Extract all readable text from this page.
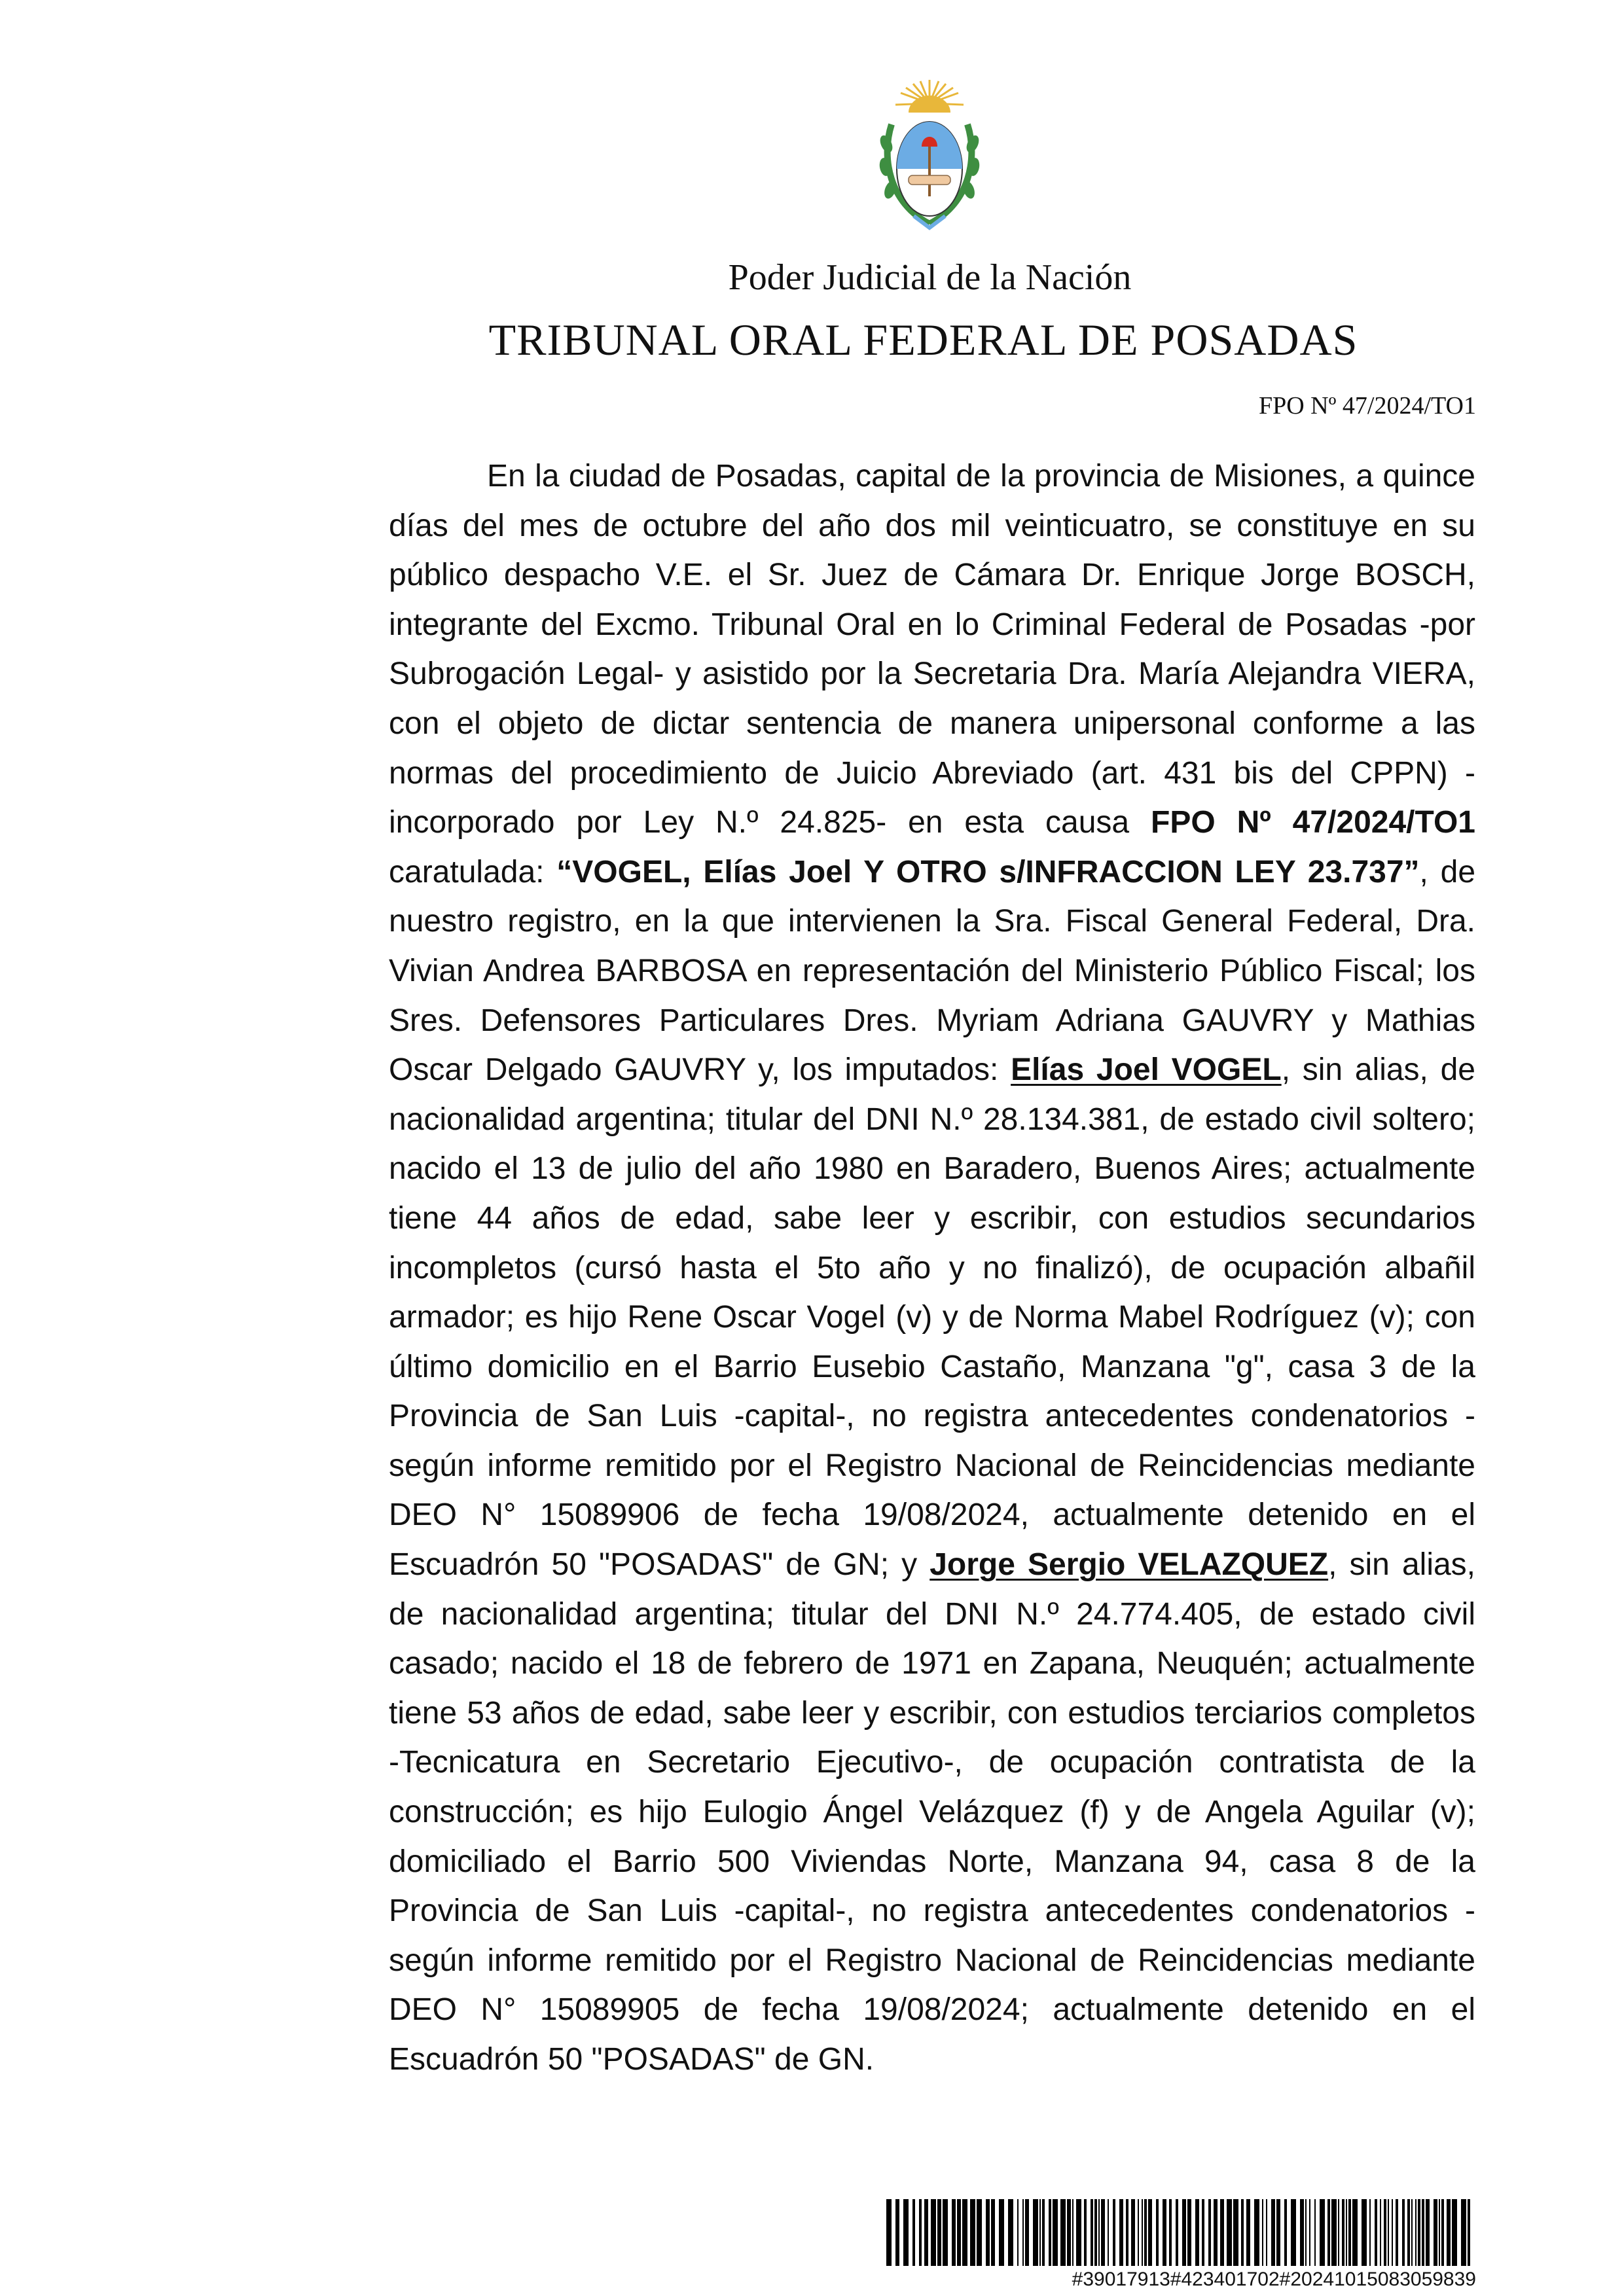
Poder Judicial de la Nación
TRIBUNAL ORAL FEDERAL DE POSADAS
FPO Nº 47/2024/TO1

En la ciudad de Posadas, capital de la provincia de Misiones, a quince días del mes de octubre del año dos mil veinticuatro, se constituye en su público despacho V.E. el Sr. Juez de Cámara Dr. Enrique Jorge BOSCH, integrante del Excmo. Tribunal Oral en lo Criminal Federal de Posadas -por Subrogación Legal- y asistido por la Secretaria Dra. María Alejandra VIERA, con el objeto de dictar sentencia de manera unipersonal conforme a las normas del procedimiento de Juicio Abreviado (art. 431 bis del CPPN) -incorporado por Ley N.º 24.825- en esta causa FPO Nº 47/2024/TO1 caratulada: “VOGEL, Elías Joel Y OTRO s/INFRACCION LEY 23.737”, de nuestro registro, en la que intervienen la Sra. Fiscal General Federal, Dra. Vivian Andrea BARBOSA en representación del Ministerio Público Fiscal; los Sres. Defensores Particulares Dres. Myriam Adriana GAUVRY y Mathias Oscar Delgado GAUVRY y, los imputados: Elías Joel VOGEL, sin alias, de nacionalidad argentina; titular del DNI N.º 28.134.381, de estado civil soltero; nacido el 13 de julio del año 1980 en Baradero, Buenos Aires; actualmente tiene 44 años de edad, sabe leer y escribir, con estudios secundarios incompletos (cursó hasta el 5to año y no finalizó), de ocupación albañil armador; es hijo Rene Oscar Vogel (v) y de Norma Mabel Rodríguez (v); con último domicilio en el Barrio Eusebio Castaño, Manzana "g", casa 3 de la Provincia de San Luis -capital-, no registra antecedentes condenatorios -según informe remitido por el Registro Nacional de Reincidencias mediante DEO N° 15089906 de fecha 19/08/2024, actualmente detenido en el Escuadrón 50 "POSADAS" de GN; y Jorge Sergio VELAZQUEZ, sin alias, de nacionalidad argentina; titular del DNI N.º 24.774.405, de estado civil casado; nacido el 18 de febrero de 1971 en Zapana, Neuquén; actualmente tiene 53 años de edad, sabe leer y escribir, con estudios terciarios completos -Tecnicatura en Secretario Ejecutivo-, de ocupación contratista de la construcción; es hijo Eulogio Ángel Velázquez (f) y de Angela Aguilar (v); domiciliado el Barrio 500 Viviendas Norte, Manzana 94, casa 8 de la Provincia de San Luis -capital-, no registra antecedentes condenatorios -según informe remitido por el Registro Nacional de Reincidencias mediante DEO N° 15089905 de fecha 19/08/2024; actualmente detenido en el Escuadrón 50 "POSADAS" de GN.

#39017913#423401702#20241015083059839
